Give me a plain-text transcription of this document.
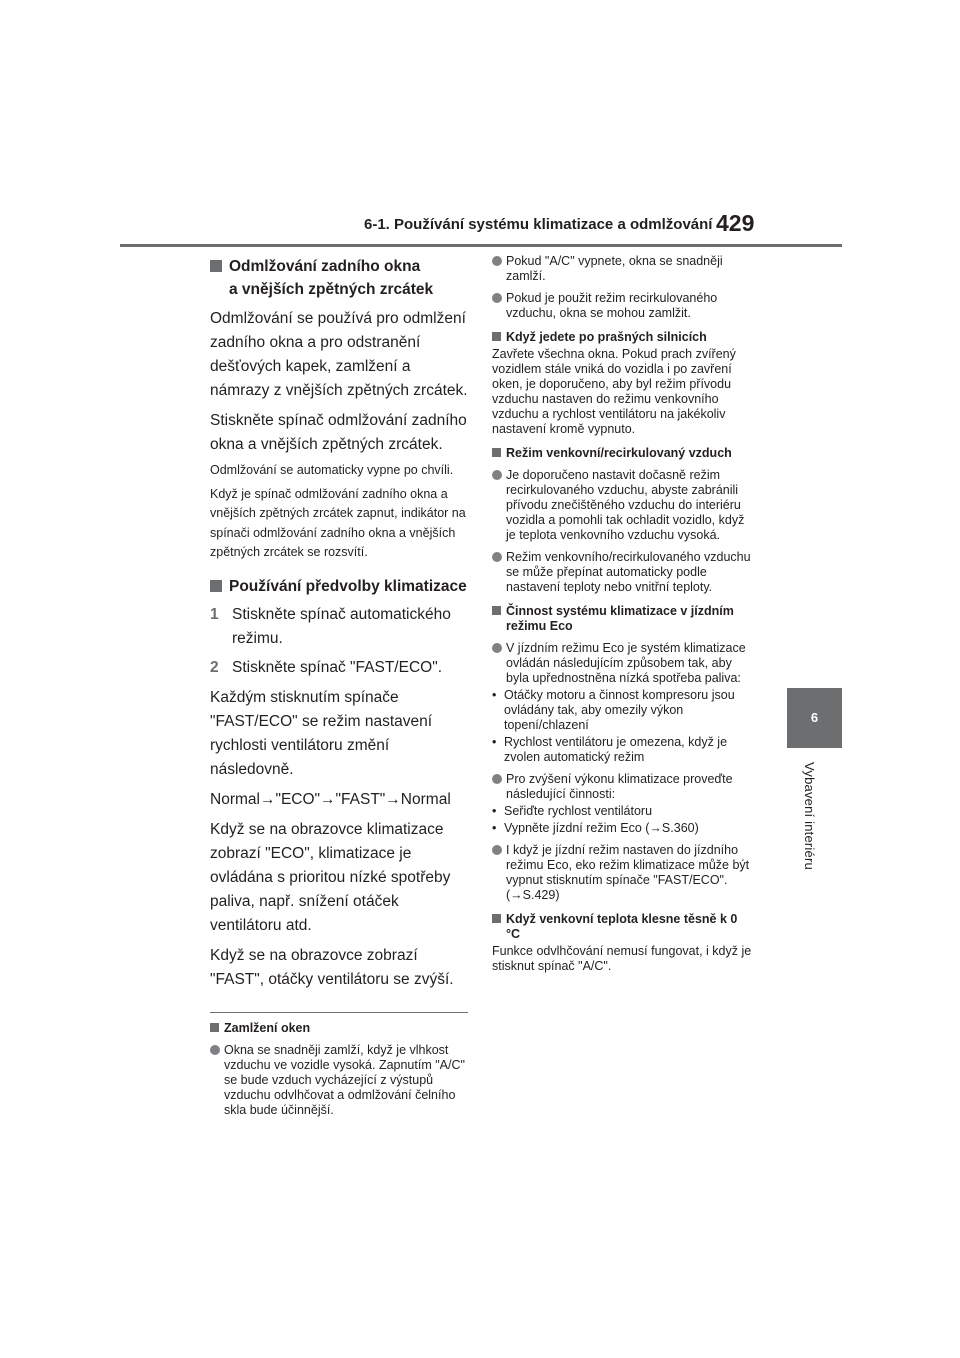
6-1. Používání systému klimatizace a odmlžování 429
6
Vybavení interiéru
Odmlžování zadního okna
a vnějších zpětných zrcátek

Odmlžování se používá pro odmlžení zadního okna a pro odstranění dešťových kapek, zamlžení a námrazy z vnějších zpětných zrcátek.

Stiskněte spínač odmlžování zadního okna a vnějších zpětných zrcátek.

Odmlžování se automaticky vypne po chvíli.

Když je spínač odmlžování zadního okna a vnějších zpětných zrcátek zapnut, indikátor na spínači odmlžování zadního okna a vnějších zpětných zrcátek se rozsvítí.

Používání předvolby klimatizace
1 Stiskněte spínač automatického režimu.
2 Stiskněte spínač "FAST/ECO".

Každým stisknutím spínače "FAST/ECO" se režim nastavení rychlosti ventilátoru změní následovně.

Normal→"ECO"→"FAST"→Normal

Když se na obrazovce klimatizace zobrazí "ECO", klimatizace je ovládána s prioritou nízké spotřeby paliva, např. snížení otáček ventilátoru atd.

Když se na obrazovce zobrazí "FAST", otáčky ventilátoru se zvýší.

Zamlžení oken
Okna se snadněji zamlží, když je vlhkost vzduchu ve vozidle vysoká. Zapnutím "A/C" se bude vzduch vycházející z výstupů vzduchu odvlhčovat a odmlžování čelního skla bude účinnější.
Pokud "A/C" vypnete, okna se snadněji zamlží.
Pokud je použit režim recirkulovaného vzduchu, okna se mohou zamlžit.
Když jedete po prašných silnicích

Zavřete všechna okna. Pokud prach zvířený vozidlem stále vniká do vozidla i po zavření oken, je doporučeno, aby byl režim přívodu vzduchu nastaven do režimu venkovního vzduchu a rychlost ventilátoru na jakékoliv nastavení kromě vypnuto.

Režim venkovní/recirkulovaný vzduch
Je doporučeno nastavit dočasně režim recirkulovaného vzduchu, abyste zabránili přívodu znečištěného vzduchu do interiéru vozidla a pomohli tak ochladit vozidlo, když je teplota venkovního vzduchu vysoká.
Režim venkovního/recirkulovaného vzduchu se může přepínat automaticky podle nastavení teploty nebo vnitřní teploty.
Činnost systému klimatizace v jízdním režimu Eco
V jízdním režimu Eco je systém klimatizace ovládán následujícím způsobem tak, aby byla upřednostněna nízká spotřeba paliva:
• Otáčky motoru a činnost kompresoru jsou ovládány tak, aby omezily výkon topení/chlazení
• Rychlost ventilátoru je omezena, když je zvolen automatický režim
Pro zvýšení výkonu klimatizace proveďte následující činnosti:
• Seřiďte rychlost ventilátoru
• Vypněte jízdní režim Eco (→S.360)
I když je jízdní režim nastaven do jízdního režimu Eco, eko režim klimatizace může být vypnut stisknutím spínače "FAST/ECO". (→S.429)
Když venkovní teplota klesne těsně k 0 °C

Funkce odvlhčování nemusí fungovat, i když je stisknut spínač "A/C".
